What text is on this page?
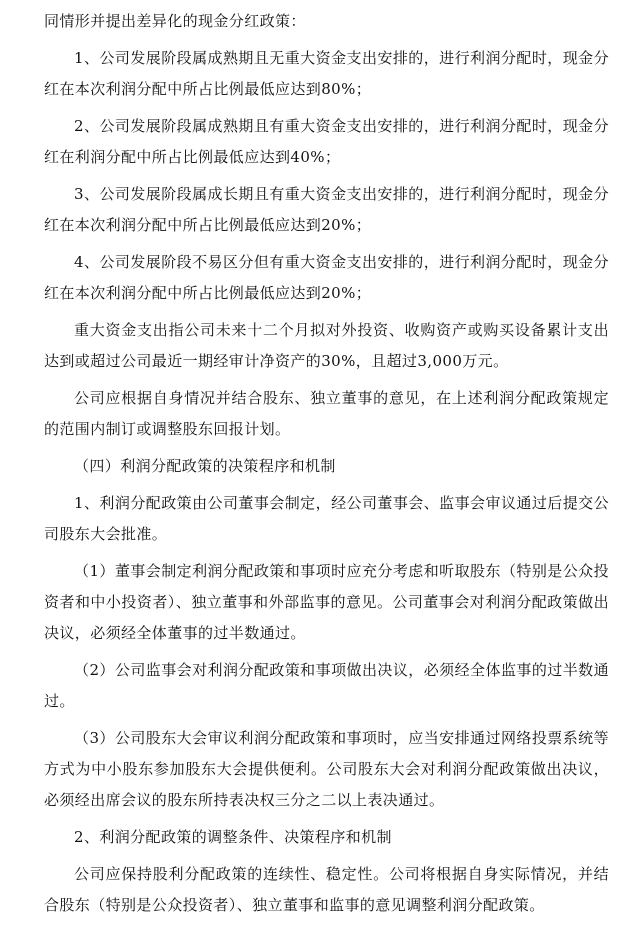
同情形并提出差异化的现金分红政策：

1、公司发展阶段属成熟期且无重大资金支出安排的，进行利润分配时，现金分红在本次利润分配中所占比例最低应达到80%；

2、公司发展阶段属成熟期且有重大资金支出安排的，进行利润分配时，现金分红在利润分配中所占比例最低应达到40%；

3、公司发展阶段属成长期且有重大资金支出安排的，进行利润分配时，现金分红在本次利润分配中所占比例最低应达到20%；

4、公司发展阶段不易区分但有重大资金支出安排的，进行利润分配时，现金分红在本次利润分配中所占比例最低应达到20%；

重大资金支出指公司未来十二个月拟对外投资、收购资产或购买设备累计支出达到或超过公司最近一期经审计净资产的30%，且超过3,000万元。

公司应根据自身情况并结合股东、独立董事的意见，在上述利润分配政策规定的范围内制订或调整股东回报计划。

（四）利润分配政策的决策程序和机制

1、利润分配政策由公司董事会制定，经公司董事会、监事会审议通过后提交公司股东大会批准。

（1）董事会制定利润分配政策和事项时应充分考虑和听取股东（特别是公众投资者和中小投资者）、独立董事和外部监事的意见。公司董事会对利润分配政策做出决议，必须经全体董事的过半数通过。

（2）公司监事会对利润分配政策和事项做出决议，必须经全体监事的过半数通过。

（3）公司股东大会审议利润分配政策和事项时，应当安排通过网络投票系统等方式为中小股东参加股东大会提供便利。公司股东大会对利润分配政策做出决议，必须经出席会议的股东所持表决权三分之二以上表决通过。

2、利润分配政策的调整条件、决策程序和机制

公司应保持股利分配政策的连续性、稳定性。公司将根据自身实际情况，并结合股东（特别是公众投资者）、独立董事和监事的意见调整利润分配政策。
